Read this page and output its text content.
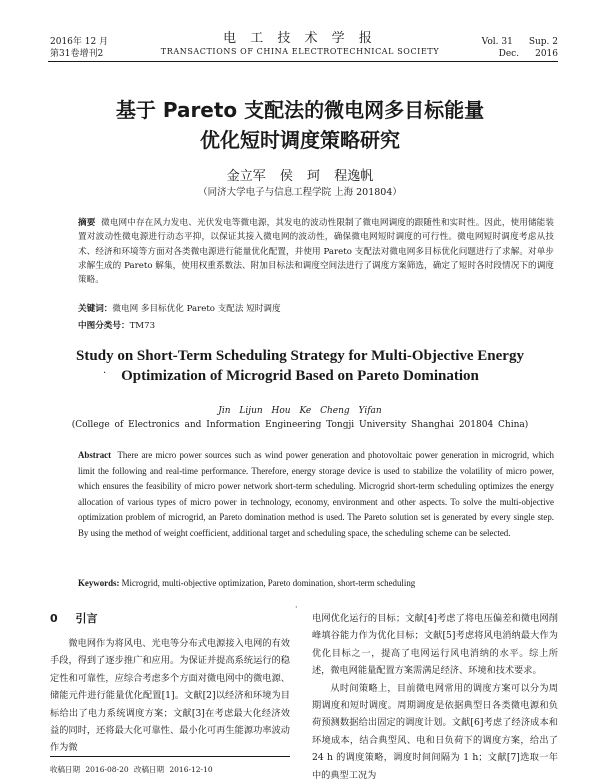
2016年 12 月
第31卷增刊2
电 工 技 术 学 报
TRANSACTIONS OF CHINA ELECTROTECHNICAL SOCIETY
Vol. 31 Sup. 2
Dec. 2016
基于 Pareto 支配法的微电网多目标能量
优化短时调度策略研究
金立军 侯 珂 程逸帆
（同济大学电子与信息工程学院 上海 201804）
摘要 微电网中存在风力发电、光伏发电等微电源，其发电的波动性限制了微电网调度的跟随性和实时性。因此，使用储能装置对波动性微电源进行动态平抑，以保证其接入微电网的波动性，确保微电网短时调度的可行性。微电网短时调度考虑从技术、经济和环境等方面对各类微电源进行能量优化配置，并使用 Pareto 支配法对微电网多目标优化问题进行了求解。对单步求解生成的 Pareto 解集，使用权重系数法、附加目标法和调度空间法进行了调度方案筛选，确定了短时各时段情况下的调度策略。
关键词：微电网 多目标优化 Pareto 支配法 短时调度
中图分类号：TM73
Study on Short-Term Scheduling Strategy for Multi-Objective Energy
Optimization of Microgrid Based on Pareto Domination
·
Jin Lijun Hou Ke Cheng Yifan
(College of Electronics and Information Engineering Tongji University Shanghai 201804 China)
Abstract There are micro power sources such as wind power generation and photovoltaic power generation in microgrid, which limit the following and real-time performance. Therefore, energy storage device is used to stabilize the volatility of micro power, which ensures the feasibility of micro power network short-term scheduling. Microgrid short-term scheduling optimizes the energy allocation of various types of micro power in technology, economy, environment and other aspects. To solve the multi-objective optimization problem of microgrid, an Pareto domination method is used. The Pareto solution set is generated by every single step. By using the method of weight coefficient, additional target and scheduling space, the scheduling scheme can be selected.
Keywords: Microgrid, multi-objective optimization, Pareto domination, short-term scheduling
·
0 引言

微电网作为将风电、光电等分布式电源接入电网的有效手段，得到了逐步推广和应用。为保证并提高系统运行的稳定性和可靠性，应综合考虑多个方面对微电网中的微电源、储能元件进行能量优化配置[1]。文献[2]以经济和环境为目标给出了电力系统调度方案；文献[3]在考虑最大化经济效益的同时，还将最大化可靠性、最小化可再生能源功率波动作为微

电网优化运行的目标；文献[4]考虑了将电压偏差和微电网削峰填谷能力作为优化目标；文献[5]考虑将风电消纳最大作为优化目标之一，提高了电网运行风电消纳的水平。综上所述，微电网能量配置方案需满足经济、环境和技术要求。

从时间策略上，目前微电网常用的调度方案可以分为周期调度和短时调度。周期调度是依据典型日各类微电源和负荷预测数据给出固定的调度计划。文献[6]考虑了经济成本和环境成本，结合典型风、电和日负荷下的调度方案，给出了 24 h 的调度策略，调度时间间隔为 1 h；文献[7]选取一年中的典型工况为

收稿日期 2016-08-20 改稿日期 2016-12-10
